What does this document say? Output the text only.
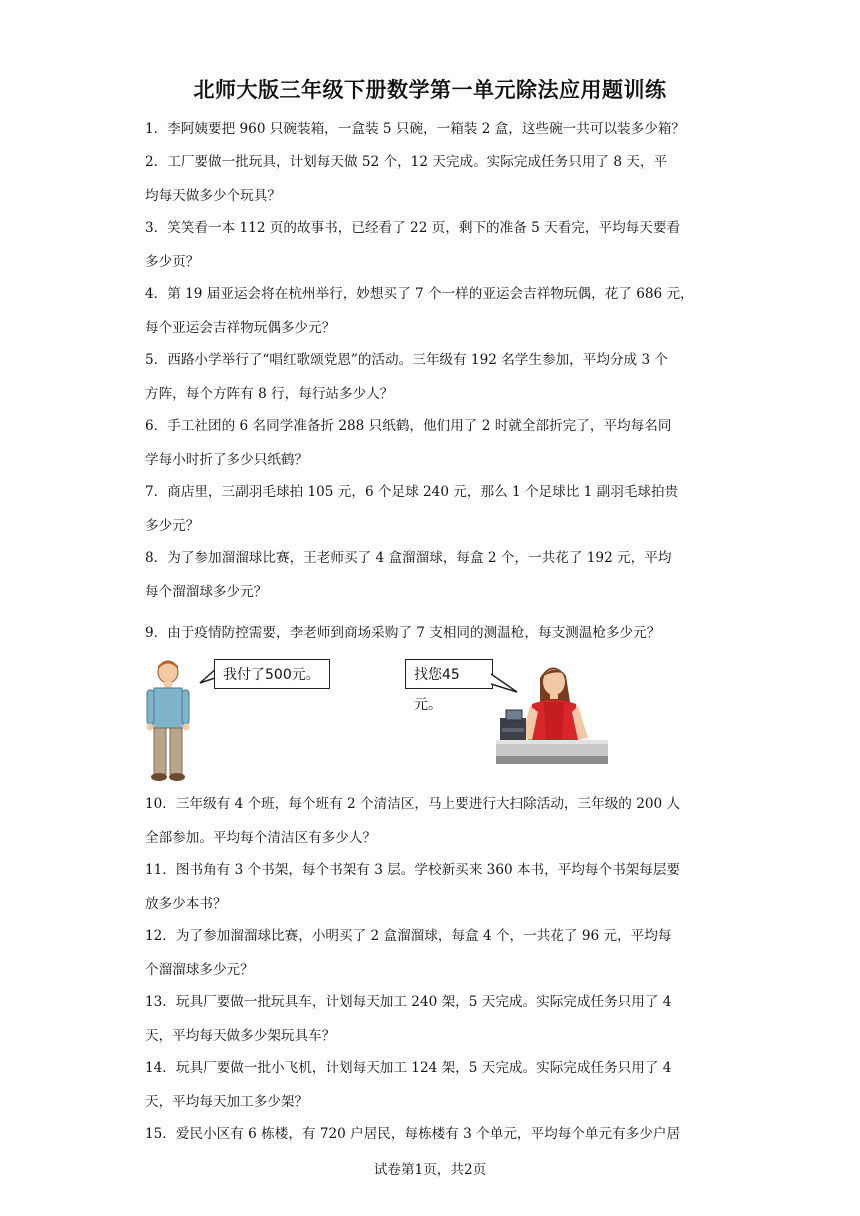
北师大版三年级下册数学第一单元除法应用题训练

1．李阿姨要把 960 只碗装箱，一盒装 5 只碗，一箱装 2 盒，这些碗一共可以装多少箱？

2．工厂要做一批玩具，计划每天做 52 个，12 天完成。实际完成任务只用了 8 天，平
均每天做多少个玩具？

3．笑笑看一本 112 页的故事书，已经看了 22 页，剩下的准备 5 天看完，平均每天要看
多少页？

4．第 19 届亚运会将在杭州举行，妙想买了 7 个一样的亚运会吉祥物玩偶，花了 686 元，
每个亚运会吉祥物玩偶多少元？

5．西路小学举行了“唱红歌颂党恩”的活动。三年级有 192 名学生参加，平均分成 3 个
方阵，每个方阵有 8 行，每行站多少人？

6．手工社团的 6 名同学准备折 288 只纸鹤，他们用了 2 时就全部折完了，平均每名同
学每小时折了多少只纸鹤？

7．商店里，三副羽毛球拍 105 元，6 个足球 240 元，那么 1 个足球比 1 副羽毛球拍贵
多少元？

8．为了参加溜溜球比赛，王老师买了 4 盒溜溜球，每盒 2 个，一共花了 192 元，平均
每个溜溜球多少元？

9．由于疫情防控需要，李老师到商场采购了 7 支相同的测温枪，每支测温枪多少元？

我付了500元。	找您45元。

10．三年级有 4 个班，每个班有 2 个清洁区，马上要进行大扫除活动，三年级的 200 人
全部参加。平均每个清洁区有多少人？

11．图书角有 3 个书架，每个书架有 3 层。学校新买来 360 本书，平均每个书架每层要
放多少本书？

12．为了参加溜溜球比赛，小明买了 2 盒溜溜球，每盒 4 个，一共花了 96 元，平均每
个溜溜球多少元？

13．玩具厂要做一批玩具车，计划每天加工 240 架，5 天完成。实际完成任务只用了 4
天，平均每天做多少架玩具车？

14．玩具厂要做一批小飞机，计划每天加工 124 架，5 天完成。实际完成任务只用了 4
天，平均每天加工多少架？

15．爱民小区有 6 栋楼，有 720 户居民，每栋楼有 3 个单元，平均每个单元有多少户居

试卷第1页，共2页
